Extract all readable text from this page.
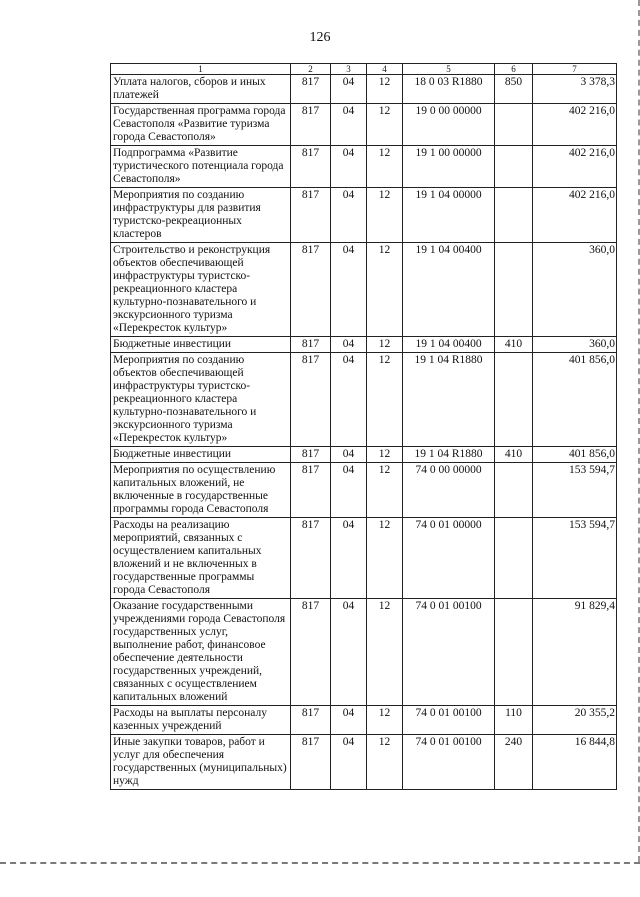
126
1	2	3	4	5	6	7
Уплата налогов, сборов и иных платежей	817	04	12	18 0 03 R1880	850	3 378,3
Государственная программа города Севастополя «Развитие туризма города Севастополя»	817	04	12	19 0 00 00000		402 216,0
Подпрограмма «Развитие туристического потенциала города Севастополя»	817	04	12	19 1 00 00000		402 216,0
Мероприятия по созданию инфраструктуры для развития туристско-рекреационных кластеров	817	04	12	19 1 04 00000		402 216,0
Строительство и реконструкция объектов обеспечивающей инфраструктуры туристско-рекреационного кластера культурно-познавательного и экскурсионного туризма «Перекресток культур»	817	04	12	19 1 04 00400		360,0
Бюджетные инвестиции	817	04	12	19 1 04 00400	410	360,0
Мероприятия по созданию объектов обеспечивающей инфраструктуры туристско-рекреационного кластера культурно-познавательного и экскурсионного туризма «Перекресток культур»	817	04	12	19 1 04 R1880		401 856,0
Бюджетные инвестиции	817	04	12	19 1 04 R1880	410	401 856,0
Мероприятия по осуществлению капитальных вложений, не включенные в государственные программы города Севастополя	817	04	12	74 0 00 00000		153 594,7
Расходы на реализацию мероприятий, связанных с осуществлением капитальных вложений и не включенных в государственные программы города Севастополя	817	04	12	74 0 01 00000		153 594,7
Оказание государственными учреждениями города Севастополя государственных услуг, выполнение работ, финансовое обеспечение деятельности государственных учреждений, связанных с осуществлением капитальных вложений	817	04	12	74 0 01 00100		91 829,4
Расходы на выплаты персоналу казенных учреждений	817	04	12	74 0 01 00100	110	20 355,2
Иные закупки товаров, работ и услуг для обеспечения государственных (муниципальных) нужд	817	04	12	74 0 01 00100	240	16 844,8
